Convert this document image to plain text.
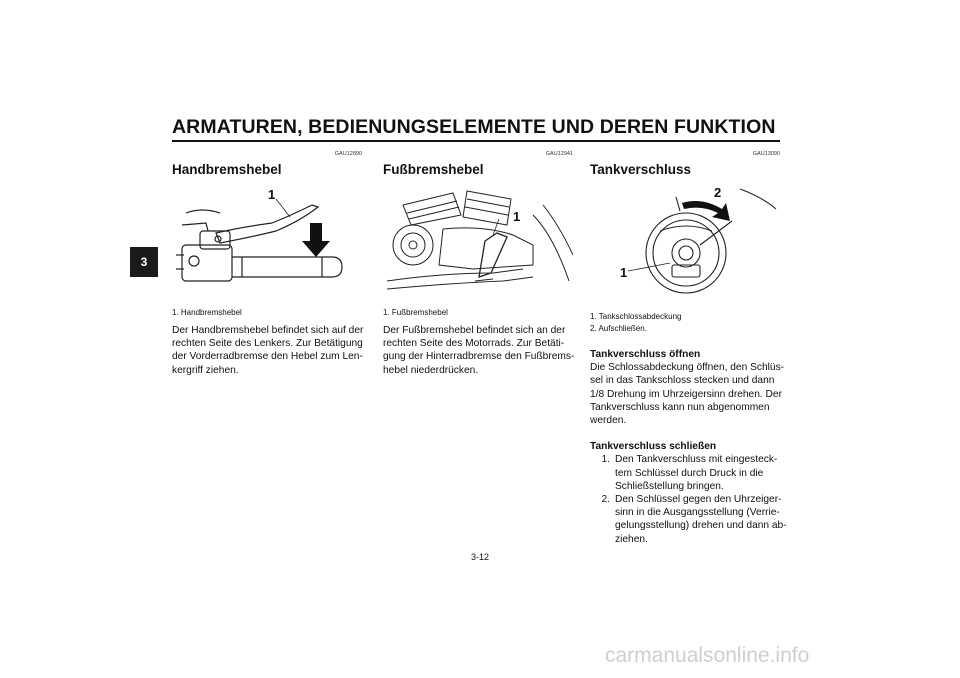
ARMATUREN, BEDIENUNGSELEMENTE UND DEREN FUNKTION
3
GAU12890
Handbremshebel
1
1. Handbremshebel
Der Handbremshebel befindet sich auf der
rechten Seite des Lenkers. Zur Betätigung
der Vorderradbremse den Hebel zum Len-
kergriff ziehen.
GAU12941
Fußbremshebel
1
1. Fußbremshebel
Der Fußbremshebel befindet sich an der
rechten Seite des Motorrads. Zur Betäti-
gung der Hinterradbremse den Fußbrems-
hebel niederdrücken.
GAU13090
Tankverschluss
1
2
1. Tankschlossabdeckung
2. Aufschließen.
Tankverschluss öffnen
Die Schlossabdeckung öffnen, den Schlüs-
sel in das Tankschloss stecken und dann
1/8 Drehung im Uhrzeigersinn drehen. Der
Tankverschluss kann nun abgenommen
werden.
Tankverschluss schließen
1. Den Tankverschluss mit eingesteck-
tem Schlüssel durch Druck in die
Schließstellung bringen.
2. Den Schlüssel gegen den Uhrzeiger-
sinn in die Ausgangsstellung (Verrie-
gelungsstellung) drehen und dann ab-
ziehen.
3-12
carmanualsonline.info
